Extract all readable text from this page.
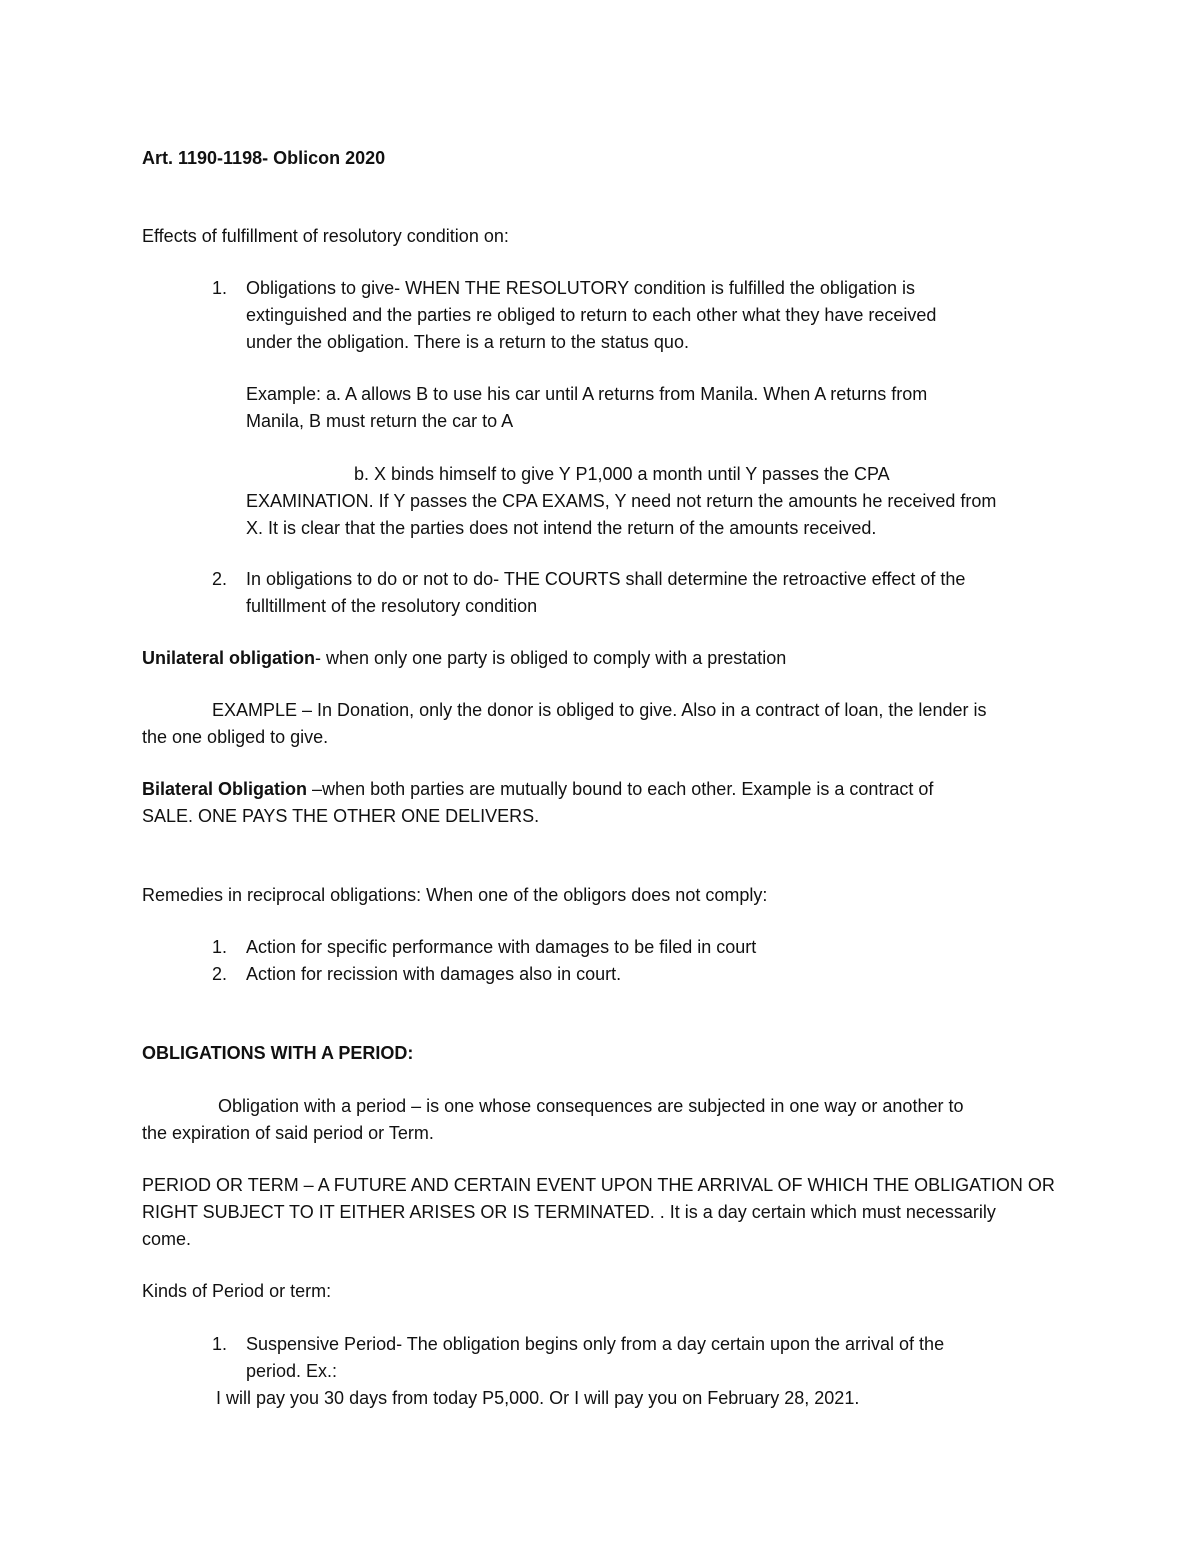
Art. 1190-1198- Oblicon 2020

Effects of fulfillment of resolutory condition on:

1. Obligations to give- WHEN THE RESOLUTORY condition is fulfilled the obligation is

extinguished and the parties re obliged to return to each other what they have received

under the obligation. There is a return to the status quo.

Example: a. A allows B to use his car until A returns from Manila. When A returns from

Manila, B must return the car to A

b. X binds himself to give Y P1,000 a month until Y passes the CPA

EXAMINATION. If Y passes the CPA EXAMS, Y need not return the amounts he received from

X. It is clear that the parties does not intend the return of the amounts received.

2. In obligations to do or not to do- THE COURTS shall determine the retroactive effect of the

fulltillment of the resolutory condition

Unilateral obligation- when only one party is obliged to comply with a prestation

EXAMPLE – In Donation, only the donor is obliged to give. Also in a contract of loan, the lender is

the one obliged to give.

Bilateral Obligation –when both parties are mutually bound to each other. Example is a contract of

SALE. ONE PAYS THE OTHER ONE DELIVERS.

Remedies in reciprocal obligations: When one of the obligors does not comply:

1. Action for specific performance with damages to be filed in court

2. Action for recission with damages also in court.

OBLIGATIONS WITH A PERIOD:

Obligation with a period – is one whose consequences are subjected in one way or another to

the expiration of said period or Term.

PERIOD OR TERM – A FUTURE AND CERTAIN EVENT UPON THE ARRIVAL OF WHICH THE OBLIGATION OR

RIGHT SUBJECT TO IT EITHER ARISES OR IS TERMINATED. . It is a day certain which must necessarily

come.

Kinds of Period or term:

1. Suspensive Period- The obligation begins only from a day certain upon the arrival of the

period. Ex.:

I will pay you 30 days from today P5,000. Or I will pay you on February 28, 2021.
